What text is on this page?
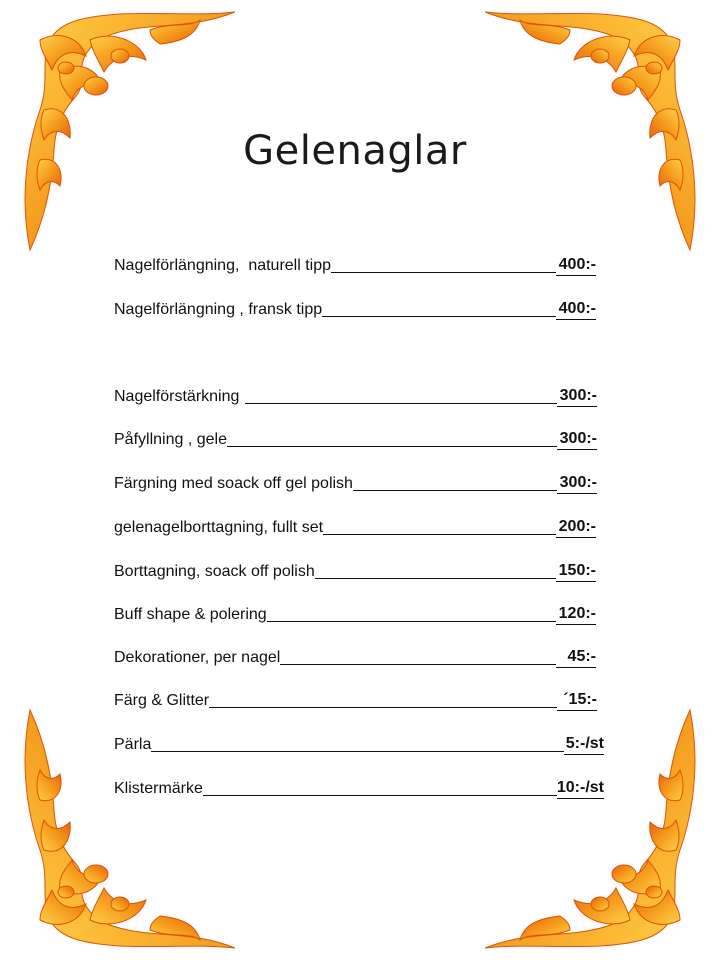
Gelenaglar
Nagelförlängning,  naturell tipp	400:-
Nagelförlängning , fransk tipp	400:-
Nagelförstärkning	300:-
Påfyllning , gele	300:-
Färgning med soack off gel polish	300:-
gelenagelborttagning, fullt set	200:-
Borttagning, soack off polish	150:-
Buff shape & polering	120:-
Dekorationer, per nagel	45:-
Färg & Glitter	´15:-
Pärla	5:-/st
Klistermärke	10:-/st
